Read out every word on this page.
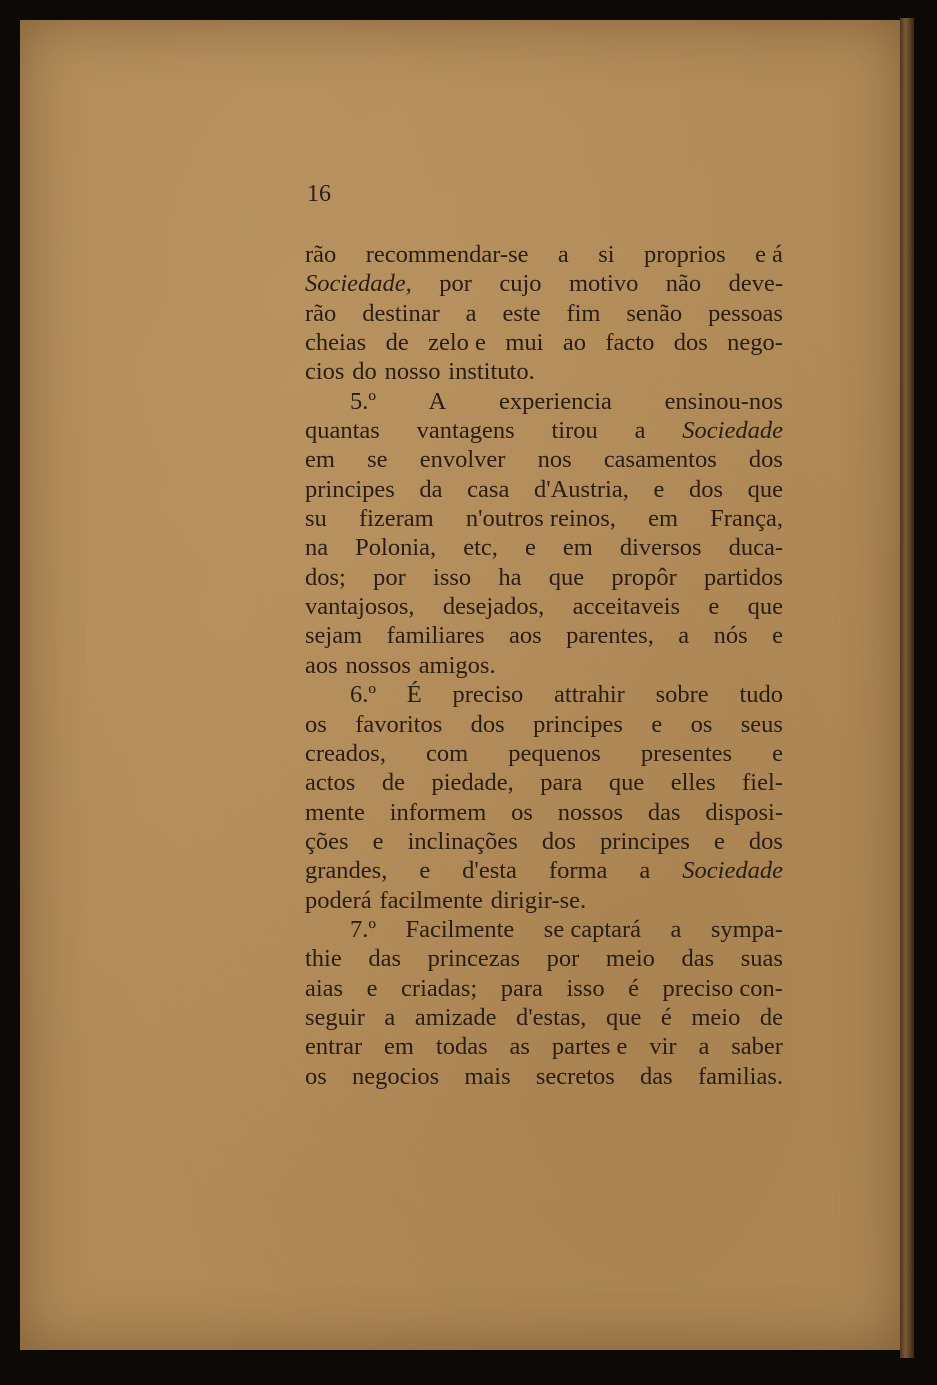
16
rão recommendar-se a si proprios e á
Sociedade, por cujo motivo não deve-
rão destinar a este fim senão pessoas
cheias de zelo e mui ao facto dos nego-
cios do nosso instituto.
5.º A experiencia ensinou-nos
quantas vantagens tirou a Sociedade
em se envolver nos casamentos dos
principes da casa d'Austria, e dos que
su fizeram n'outros reinos, em França,
na Polonia, etc, e em diversos duca-
dos; por isso ha que propôr partidos
vantajosos, desejados, acceitaveis e que
sejam familiares aos parentes, a nós e
aos nossos amigos.
6.º É preciso attrahir sobre tudo
os favoritos dos principes e os seus
creados, com pequenos presentes e
actos de piedade, para que elles fiel-
mente informem os nossos das disposi-
ções e inclinações dos principes e dos
grandes, e d'esta forma a Sociedade
poderá facilmente dirigir-se.
7.º Facilmente se captará a sympa-
thie das princezas por meio das suas
aias e criadas; para isso é preciso con-
seguir a amizade d'estas, que é meio de
entrar em todas as partes e vir a saber
os negocios mais secretos das familias.
